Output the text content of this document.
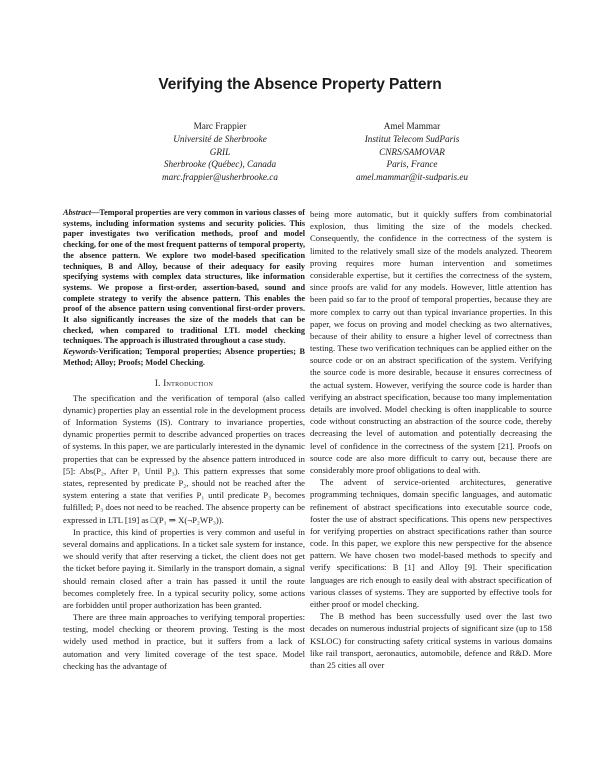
Verifying the Absence Property Pattern
Marc Frappier
Université de Sherbrooke
GRIL
Sherbrooke (Québec), Canada
marc.frappier@usherbrooke.ca
Amel Mammar
Institut Telecom SudParis
CNRS/SAMOVAR
Paris, France
amel.mammar@it-sudparis.eu

Abstract—Temporal properties are very common in various classes of systems, including information systems and security policies. This paper investigates two verification methods, proof and model checking, for one of the most frequent patterns of temporal property, the absence pattern. We explore two model-based specification techniques, B and Alloy, because of their adequacy for easily specifying systems with complex data structures, like information systems. We propose a first-order, assertion-based, sound and complete strategy to verify the absence pattern. This enables the proof of the absence pattern using conventional first-order provers. It also significantly increases the size of the models that can be checked, when compared to traditional LTL model checking techniques. The approach is illustrated throughout a case study.

Keywords-Verification; Temporal properties; Absence properties; B Method; Alloy; Proofs; Model Checking.

I. Introduction

The specification and the verification of temporal (also called dynamic) properties play an essential role in the development process of Information Systems (IS). Contrary to invariance properties, dynamic properties permit to describe advanced properties on traces of systems. In this paper, we are particularly interested in the dynamic properties that can be expressed by the absence pattern introduced in [5]: Abs(P₂, After P₁ Until P₃). This pattern expresses that some states, represented by predicate P₂, should not be reached after the system entering a state that verifies P₁ until predicate P₃ becomes fulfilled; P₃ does not need to be reached. The absence property can be expressed in LTL [19] as □(P₁ ⇒ X(¬P₂WP₃)).

In practice, this kind of properties is very common and useful in several domains and applications. In a ticket sale system for instance, we should verify that after reserving a ticket, the client does not get the ticket before paying it. Similarly in the transport domain, a signal should remain closed after a train has passed it until the route becomes completely free. In a typical security policy, some actions are forbidden until proper authorization has been granted.

There are three main approaches to verifying temporal properties: testing, model checking or theorem proving. Testing is the most widely used method in practice, but it suffers from a lack of automation and very limited coverage of the test space. Model checking has the advantage of

being more automatic, but it quickly suffers from combinatorial explosion, thus limiting the size of the models checked. Consequently, the confidence in the correctness of the system is limited to the relatively small size of the models analyzed. Theorem proving requires more human intervention and sometimes considerable expertise, but it certifies the correctness of the system, since proofs are valid for any models. However, little attention has been paid so far to the proof of temporal properties, because they are more complex to carry out than typical invariance properties. In this paper, we focus on proving and model checking as two alternatives, because of their ability to ensure a higher level of correctness than testing. These two verification techniques can be applied either on the source code or on an abstract specification of the system. Verifying the source code is more desirable, because it ensures correctness of the actual system. However, verifying the source code is harder than verifying an abstract specification, because too many implementation details are involved. Model checking is often inapplicable to source code without constructing an abstraction of the source code, thereby decreasing the level of automation and potentially decreasing the level of confidence in the correctness of the system [21]. Proofs on source code are also more difficult to carry out, because there are considerably more proof obligations to deal with.

The advent of service-oriented architectures, generative programming techniques, domain specific languages, and automatic refinement of abstract specifications into executable source code, foster the use of abstract specifications. This opens new perspectives for verifying properties on abstract specifications rather than source code. In this paper, we explore this new perspective for the absence pattern. We have chosen two model-based methods to specify and verify specifications: B [1] and Alloy [9]. Their specification languages are rich enough to easily deal with abstract specification of various classes of systems. They are supported by effective tools for either proof or model checking.

The B method has been successfully used over the last two decades on numerous industrial projects of significant size (up to 158 KSLOC) for constructing safety critical systems in various domains like rail transport, aeronautics, automobile, defence and R&D. More than 25 cities all over
